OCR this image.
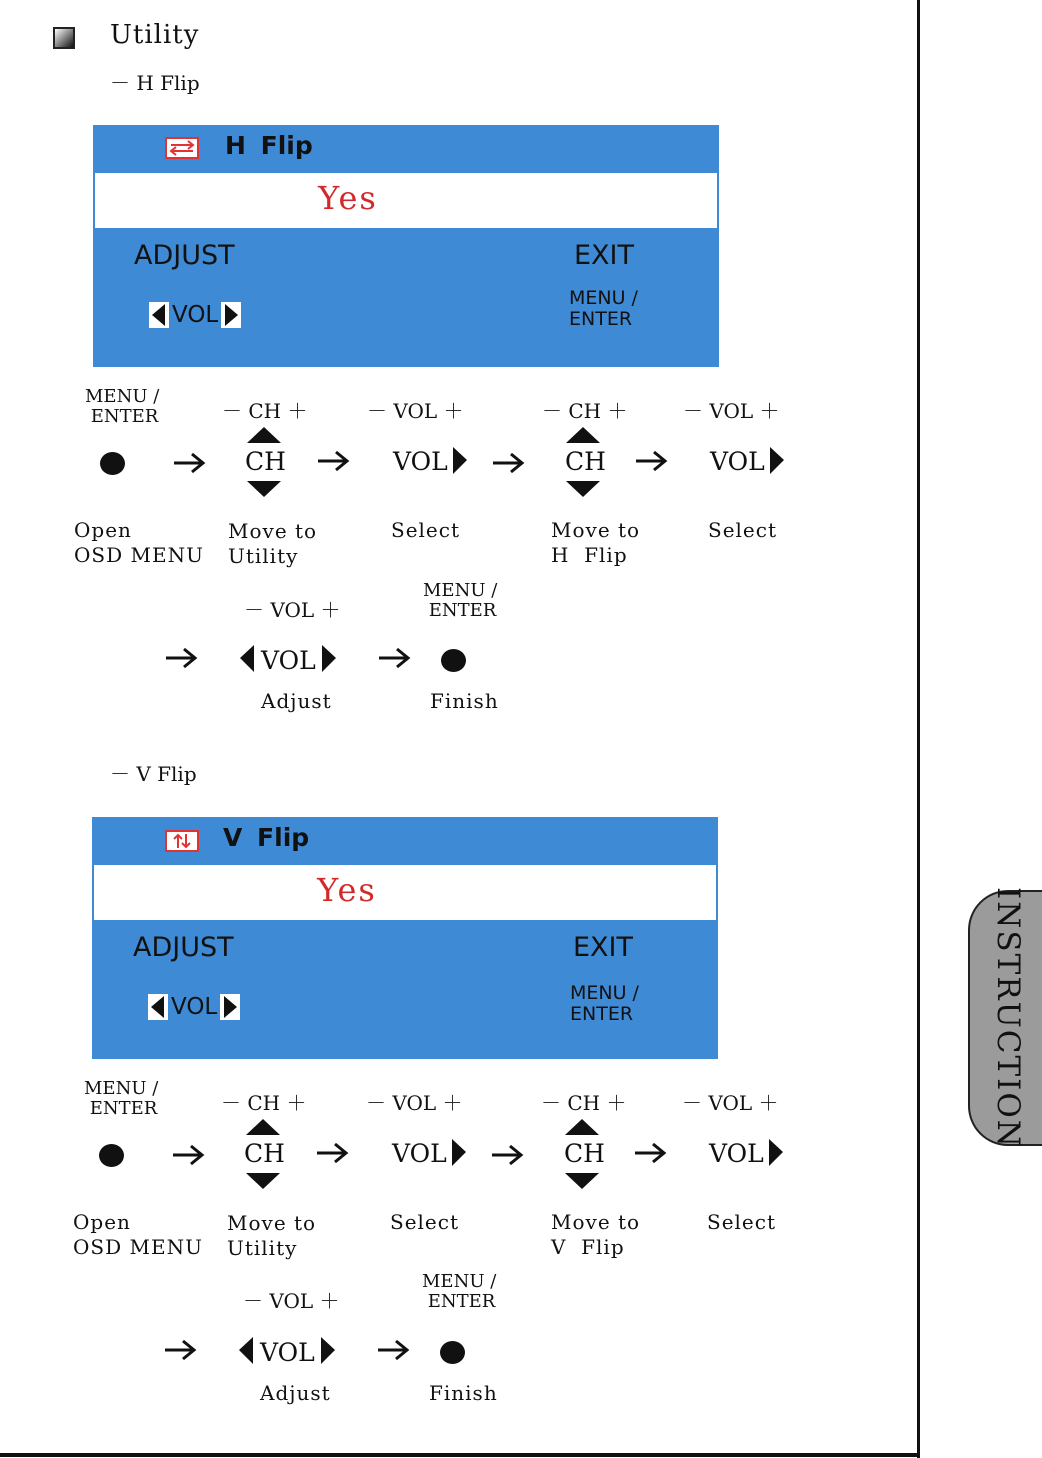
Utility
－ H Flip
H Flip
Yes
ADJUST	EXIT
VOL
MENU /
ENTER
MENU /
ENTER	－ CH ＋	－ VOL ＋	－ CH ＋	－ VOL ＋
CH	VOL	CH	VOL
Open
OSD MENU
Move to
Utility
Select	Move to
H  Flip
Select
－ VOL ＋
MENU /
ENTER
VOL
Adjust	Finish
－ V Flip
V Flip
Yes
ADJUST	EXIT
VOL
MENU /
ENTER
MENU /
ENTER	－ CH ＋	－ VOL ＋	－ CH ＋	－ VOL ＋
CH	VOL	CH	VOL
Open
OSD MENU
Move to
Utility
Select	Move to
V  Flip
Select
－ VOL ＋
MENU /
ENTER
VOL
Adjust	Finish
INSTRUCTION
